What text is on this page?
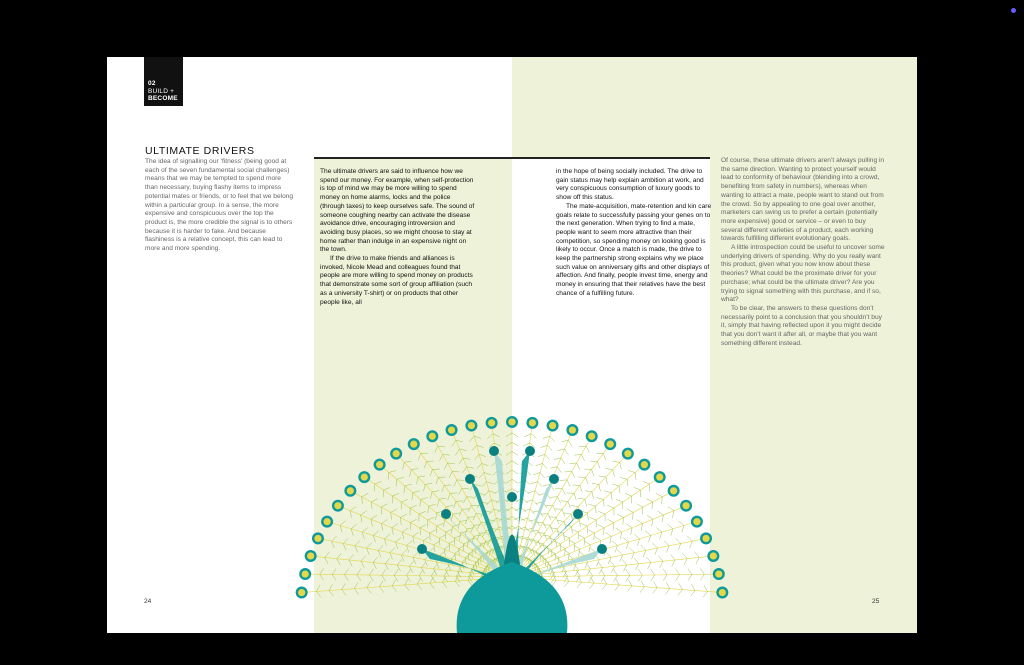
02
BUILD +
BECOME
ULTIMATE DRIVERS

The idea of signalling our ‘fitness’ (being good at each of the seven fundamental social challenges) means that we may be tempted to spend more than necessary, buying flashy items to impress potential mates or friends, or to feel that we belong within a particular group. In a sense, the more expensive and conspicuous over the top the product is, the more credible the signal is to others because it is harder to fake. And because flashiness is a relative concept, this can lead to more and more spending.

The ultimate drivers are said to influence how we spend our money. For example, when self-protection is top of mind we may be more willing to spend money on home alarms, locks and the police (through taxes) to keep ourselves safe. The sound of someone coughing nearby can activate the disease avoidance drive, encouraging introversion and avoiding busy places, so we might choose to stay at home rather than indulge in an expensive night on the town.

If the drive to make friends and alliances is invoked, Nicole Mead and colleagues found that people are more willing to spend money on products that demonstrate some sort of group affiliation (such as a university T-shirt) or on products that other people like, all

in the hope of being socially included. The drive to gain status may help explain ambition at work, and very conspicuous consumption of luxury goods to show off this status.

The mate-acquisition, mate-retention and kin care goals relate to successfully passing your genes on to the next generation. When trying to find a mate, people want to seem more attractive than their competition, so spending money on looking good is likely to occur. Once a match is made, the drive to keep the partnership strong explains why we place such value on anniversary gifts and other displays of affection. And finally, people invest time, energy and money in ensuring that their relatives have the best chance of a fulfilling future.

Of course, these ultimate drivers aren’t always pulling in the same direction. Wanting to protect yourself would lead to conformity of behaviour (blending into a crowd, benefiting from safety in numbers), whereas when wanting to attract a mate, people want to stand out from the crowd. So by appealing to one goal over another, marketers can swing us to prefer a certain (potentially more expensive) good or service – or even to buy several different varieties of a product, each working towards fulfilling different evolutionary goals.

A little introspection could be useful to uncover some underlying drivers of spending. Why do you really want this product, given what you now know about these theories? What could be the proximate driver for your purchase; what could be the ultimate driver? Are you trying to signal something with this purchase, and if so, what?

To be clear, the answers to these questions don’t necessarily point to a conclusion that you shouldn’t buy it, simply that having reflected upon it you might decide that you don’t want it after all, or maybe that you want something different instead.

24	25
